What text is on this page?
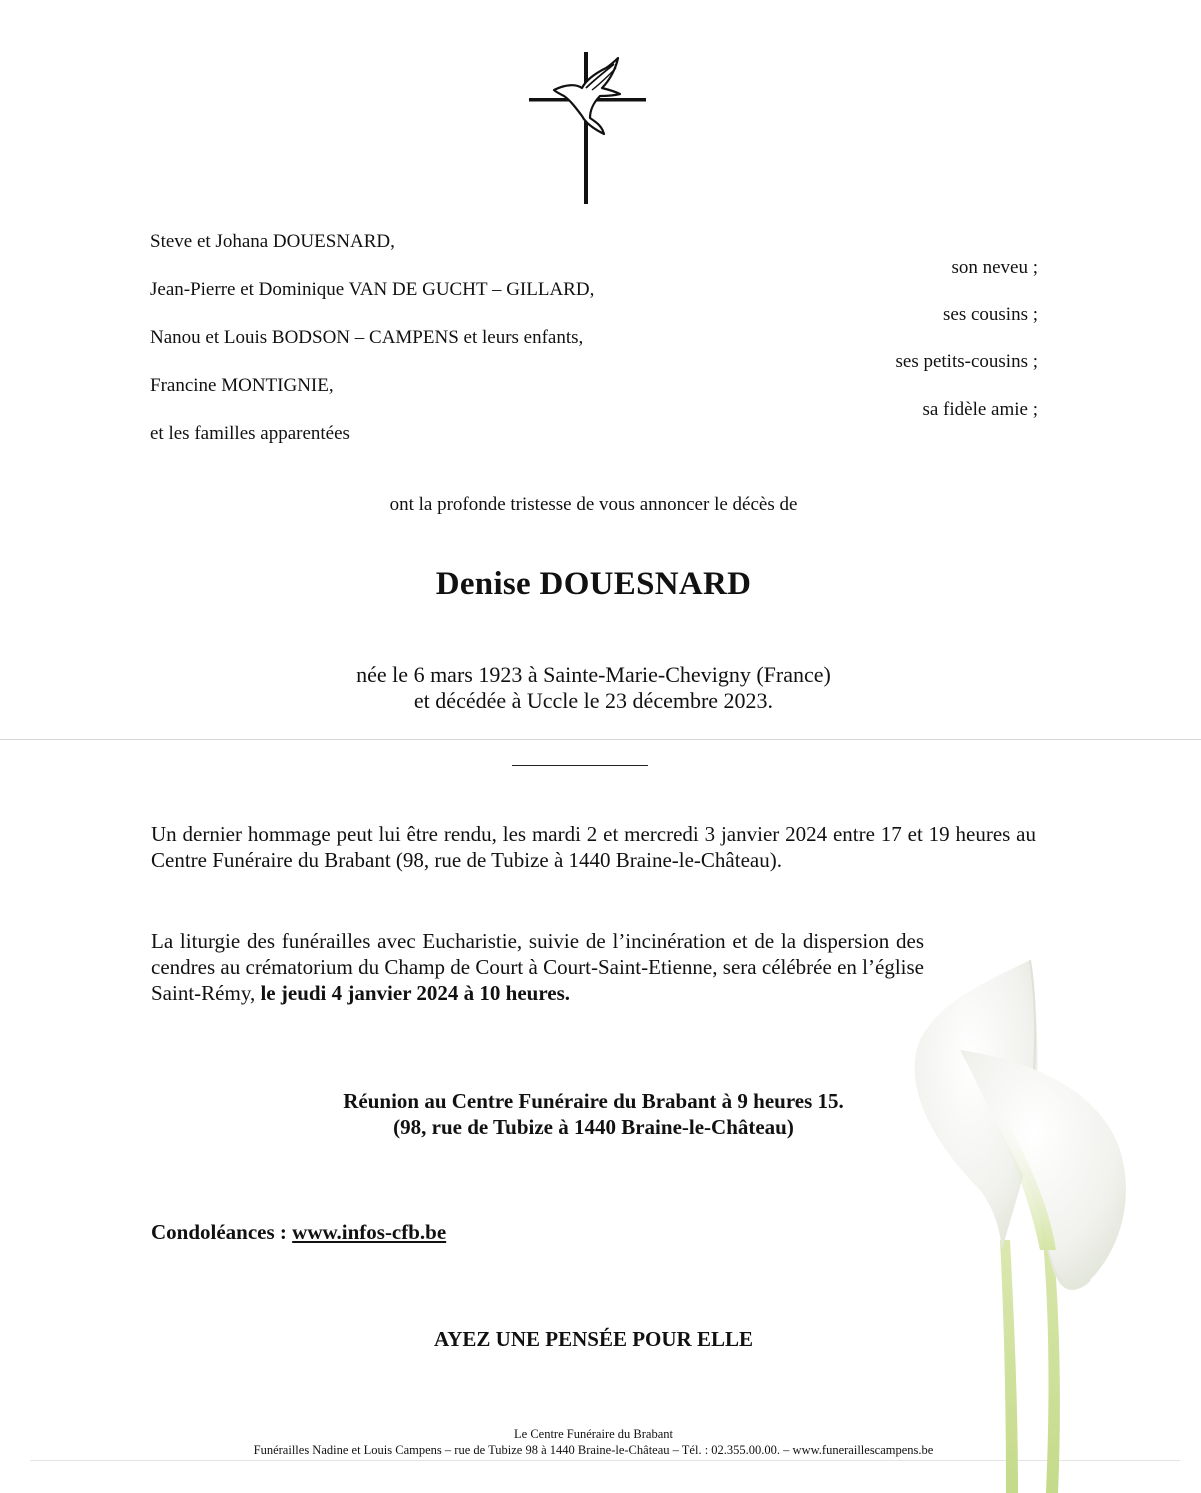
Steve et Johana DOUESNARD,
Jean-Pierre et Dominique VAN DE GUCHT – GILLARD,
Nanou et Louis BODSON – CAMPENS et leurs enfants,
Francine MONTIGNIE,
et les familles apparentées
son neveu ;
ses cousins ;
ses petits-cousins ;
sa fidèle amie ;
ont la profonde tristesse de vous annoncer le décès de
Denise DOUESNARD
née le 6 mars 1923 à Sainte-Marie-Chevigny (France)
et décédée à Uccle le 23 décembre 2023.
Un dernier hommage peut lui être rendu, les mardi 2 et mercredi 3 janvier 2024 entre 17 et 19 heures au Centre Funéraire du Brabant (98, rue de Tubize à 1440 Braine-le-Château).
La liturgie des funérailles avec Eucharistie, suivie de l’incinération et de la dispersion des cendres au crématorium du Champ de Court à Court-Saint-Etienne, sera célébrée en l’église Saint-Rémy, le jeudi 4 janvier 2024 à 10 heures.
Réunion au Centre Funéraire du Brabant à 9 heures 15.
(98, rue de Tubize à 1440 Braine-le-Château)
Condoléances : www.infos-cfb.be
AYEZ UNE PENSÉE POUR ELLE
Le Centre Funéraire du Brabant
Funérailles Nadine et Louis Campens – rue de Tubize 98 à 1440 Braine-le-Château – Tél. : 02.355.00.00. – www.funeraillescampens.be
